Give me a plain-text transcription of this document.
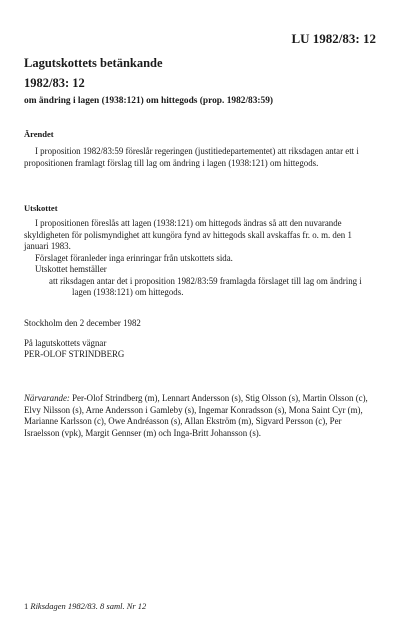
LU 1982/83: 12
Lagutskottets betänkande
1982/83: 12
om ändring i lagen (1938:121) om hittegods (prop. 1982/83:59)
Ärendet

I proposition 1982/83:59 föreslår regeringen (justitiedepartementet) att riksdagen antar ett i propositionen framlagt förslag till lag om ändring i lagen (1938:121) om hittegods.

Utskottet

I propositionen föreslås att lagen (1938:121) om hittegods ändras så att den nuvarande skyldigheten för polismyndighet att kungöra fynd av hittegods skall avskaffas fr. o. m. den 1 januari 1983.

Förslaget föranleder inga erinringar från utskottets sida.

Utskottet hemställer

att riksdagen antar det i proposition 1982/83:59 framlagda förslaget till lag om ändring i lagen (1938:121) om hittegods.

Stockholm den 2 december 1982

På lagutskottets vägnar

PER-OLOF STRINDBERG

Närvarande: Per-Olof Strindberg (m), Lennart Andersson (s), Stig Olsson (s), Martin Olsson (c), Elvy Nilsson (s), Arne Andersson i Gamleby (s), Ingemar Konradsson (s), Mona Saint Cyr (m), Marianne Karlsson (c), Owe Andréasson (s), Allan Ekström (m), Sigvard Persson (c), Per Israelsson (vpk), Margit Gennser (m) och Inga-Britt Johansson (s).

1 Riksdagen 1982/83. 8 saml. Nr 12
